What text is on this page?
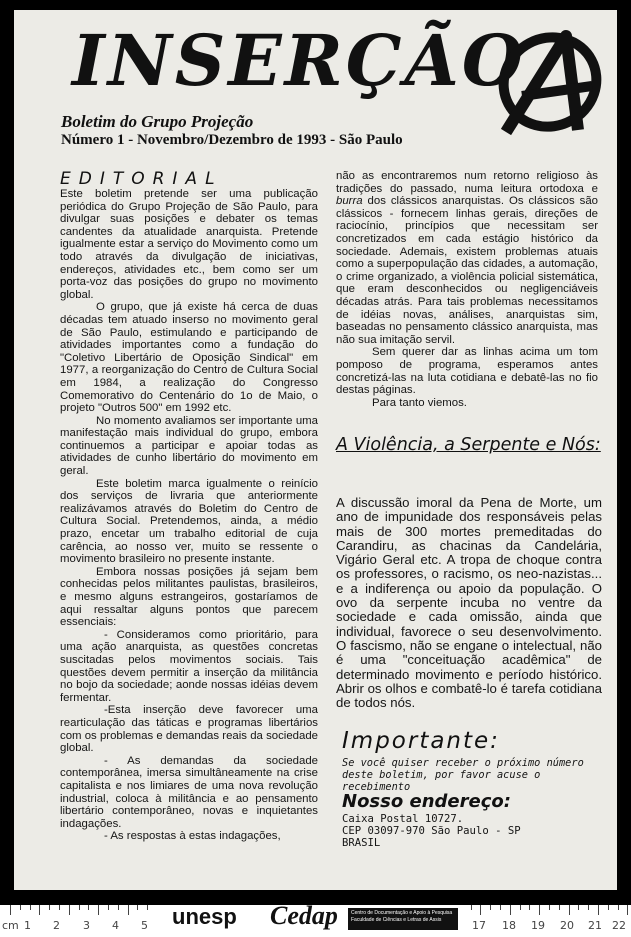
INSERÇÃO
Boletim do Grupo Projeção
Número 1 - Novembro/Dezembro de 1993 - São Paulo

EDITORIAL

Este boletim pretende ser uma publicação periódica do Grupo Projeção de São Paulo, para divulgar suas posições e debater os temas candentes da atualidade anarquista. Pretende igualmente estar a serviço do Movimento como um todo através da divulgação de iniciativas, endereços, atividades etc., bem como ser um porta-voz das posições do grupo no movimento global.

O grupo, que já existe há cerca de duas décadas tem atuado inserso no movimento geral de São Paulo, estimulando e participando de atividades importantes como a fundação do "Coletivo Libertário de Oposição Sindical" em 1977, a reorganização do Centro de Cultura Social em 1984, a realização do Congresso Comemorativo do Centenário do 1o de Maio, o projeto "Outros 500" em 1992 etc.

No momento avaliamos ser importante uma manifestação mais individual do grupo, embora continuemos a participar e apoiar todas as atividades de cunho libertário do movimento em geral.

Este boletim marca igualmente o reinício dos serviços de livraria que anteriormente realizávamos através do Boletim do Centro de Cultura Social. Pretendemos, ainda, a médio prazo, encetar um trabalho editorial de cuja carência, ao nosso ver, muito se ressente o movimento brasileiro no presente instante.

Embora nossas posições já sejam bem conhecidas pelos militantes paulistas, brasileiros, e mesmo alguns estrangeiros, gostaríamos de aqui ressaltar alguns pontos que parecem essenciais:

- Consideramos como prioritário, para uma ação anarquista, as questões concretas suscitadas pelos movimentos sociais. Tais questões devem permitir a inserção da militância no bojo da sociedade; aonde nossas idéias devem fermentar.

-Esta inserção deve favorecer uma rearticulação das táticas e programas libertários com os problemas e demandas reais da sociedade global.

- As demandas da sociedade contemporânea, imersa simultâneamente na crise capitalista e nos limiares de uma nova revolução industrial, coloca à militância e ao pensamento libertário contemporâneo, novas e inquietantes indagações.

- As respostas à estas indagações,

não as encontraremos num retorno religioso às tradições do passado, numa leitura ortodoxa e burra dos clássicos anarquistas. Os clássicos são clássicos - fornecem linhas gerais, direções de raciocínio, princípios que necessitam ser concretizados em cada estágio histórico da sociedade. Ademais, existem problemas atuais como a superpopulação das cidades, a automação, o crime organizado, a violência policial sistemática, que eram desconhecidos ou negligenciáveis décadas atrás. Para tais problemas necessitamos de idéias novas, análises, anarquistas sim, baseadas no pensamento clássico anarquista, mas não sua imitação servil.

Sem querer dar as linhas acima um tom pomposo de programa, esperamos antes concretizá-las na luta cotidiana e debatê-las no fio destas páginas.

Para tanto viemos.

A Violência, a Serpente e Nós:
A discussão imoral da Pena de Morte, um ano de impunidade dos responsáveis pelas mais de 300 mortes premeditadas do Carandiru, as chacinas da Candelária, Vigário Geral etc. A tropa de choque contra os professores, o racismo, os neo-nazistas... e a indiferença ou apoio da população. O ovo da serpente incuba no ventre da sociedade e cada omissão, ainda que individual, favorece o seu desenvolvimento. O fascismo, não se engane o intelectual, não é uma "conceituação acadêmica" de determinado movimento e período histórico. Abrir os olhos e combatê-lo é tarefa cotidiana de todos nós.
Importante:
Se você quiser receber o próximo número deste boletim, por favor acuse o recebimento
Nosso endereço:
Caixa Postal 10727.
CEP 03097-970 São Paulo - SP
BRASIL
cm 1 2 3 4 5	17 18 19 20 21 22
unesp Cedap	Centro de Documentação e Apoio à Pesquisa
Faculdade de Ciências e Letras de Assis
